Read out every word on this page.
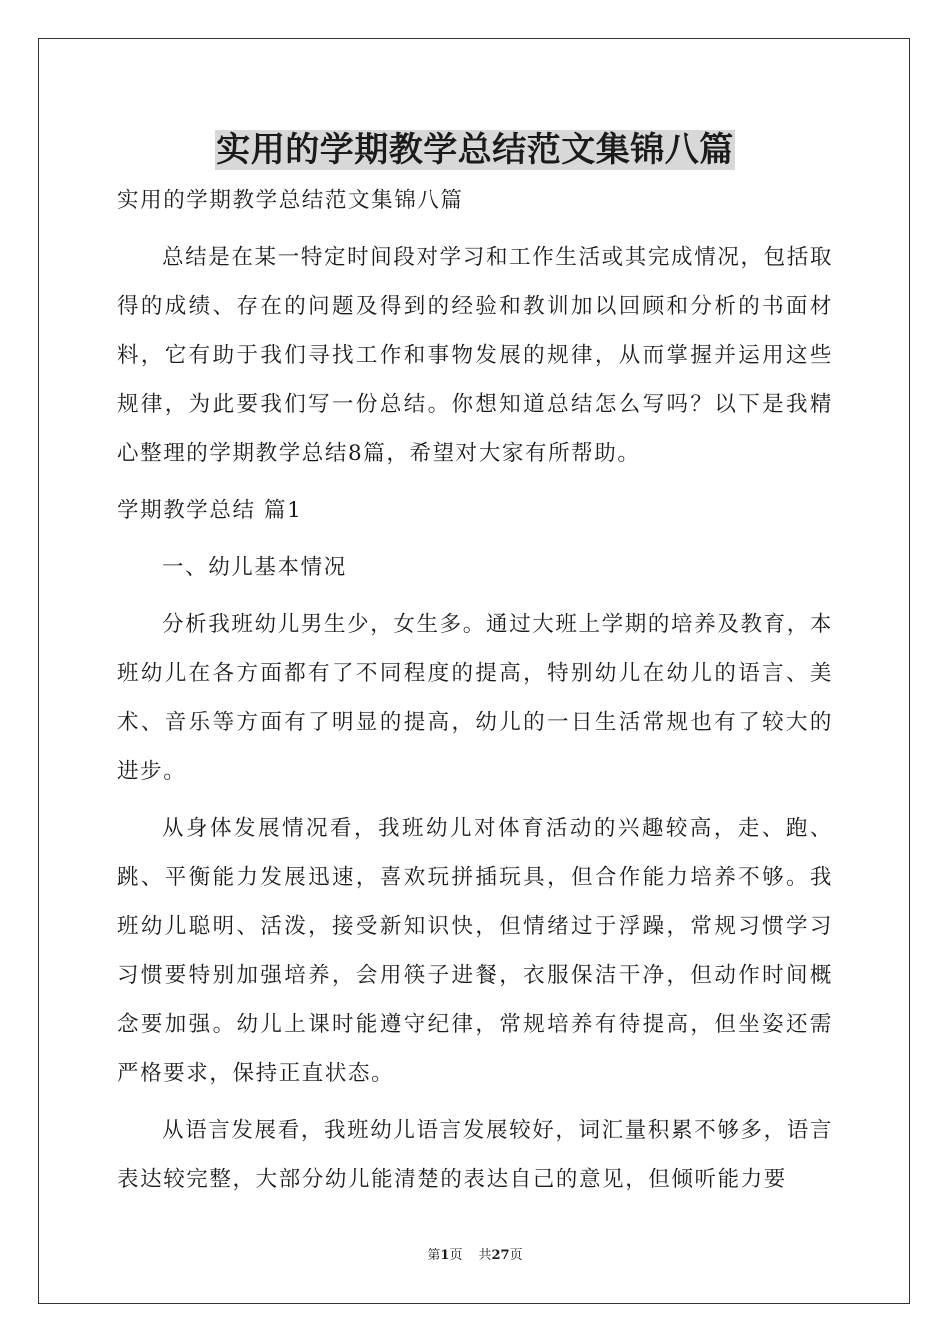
实用的学期教学总结范文集锦八篇

实用的学期教学总结范文集锦八篇

总结是在某一特定时间段对学习和工作生活或其完成情况，包括取得的成绩、存在的问题及得到的经验和教训加以回顾和分析的书面材料，它有助于我们寻找工作和事物发展的规律，从而掌握并运用这些规律，为此要我们写一份总结。你想知道总结怎么写吗？以下是我精心整理的学期教学总结8篇，希望对大家有所帮助。

学期教学总结 篇1

一、幼儿基本情况

分析我班幼儿男生少，女生多。通过大班上学期的培养及教育，本班幼儿在各方面都有了不同程度的提高，特别幼儿在幼儿的语言、美术、音乐等方面有了明显的提高，幼儿的一日生活常规也有了较大的进步。

从身体发展情况看，我班幼儿对体育活动的兴趣较高，走、跑、跳、平衡能力发展迅速，喜欢玩拼插玩具，但合作能力培养不够。我班幼儿聪明、活泼，接受新知识快，但情绪过于浮躁，常规习惯学习习惯要特别加强培养，会用筷子进餐，衣服保洁干净，但动作时间概念要加强。幼儿上课时能遵守纪律，常规培养有待提高，但坐姿还需严格要求，保持正直状态。

从语言发展看，我班幼儿语言发展较好，词汇量积累不够多，语言表达较完整，大部分幼儿能清楚的表达自己的意见，但倾听能力要

第1页 共27页
